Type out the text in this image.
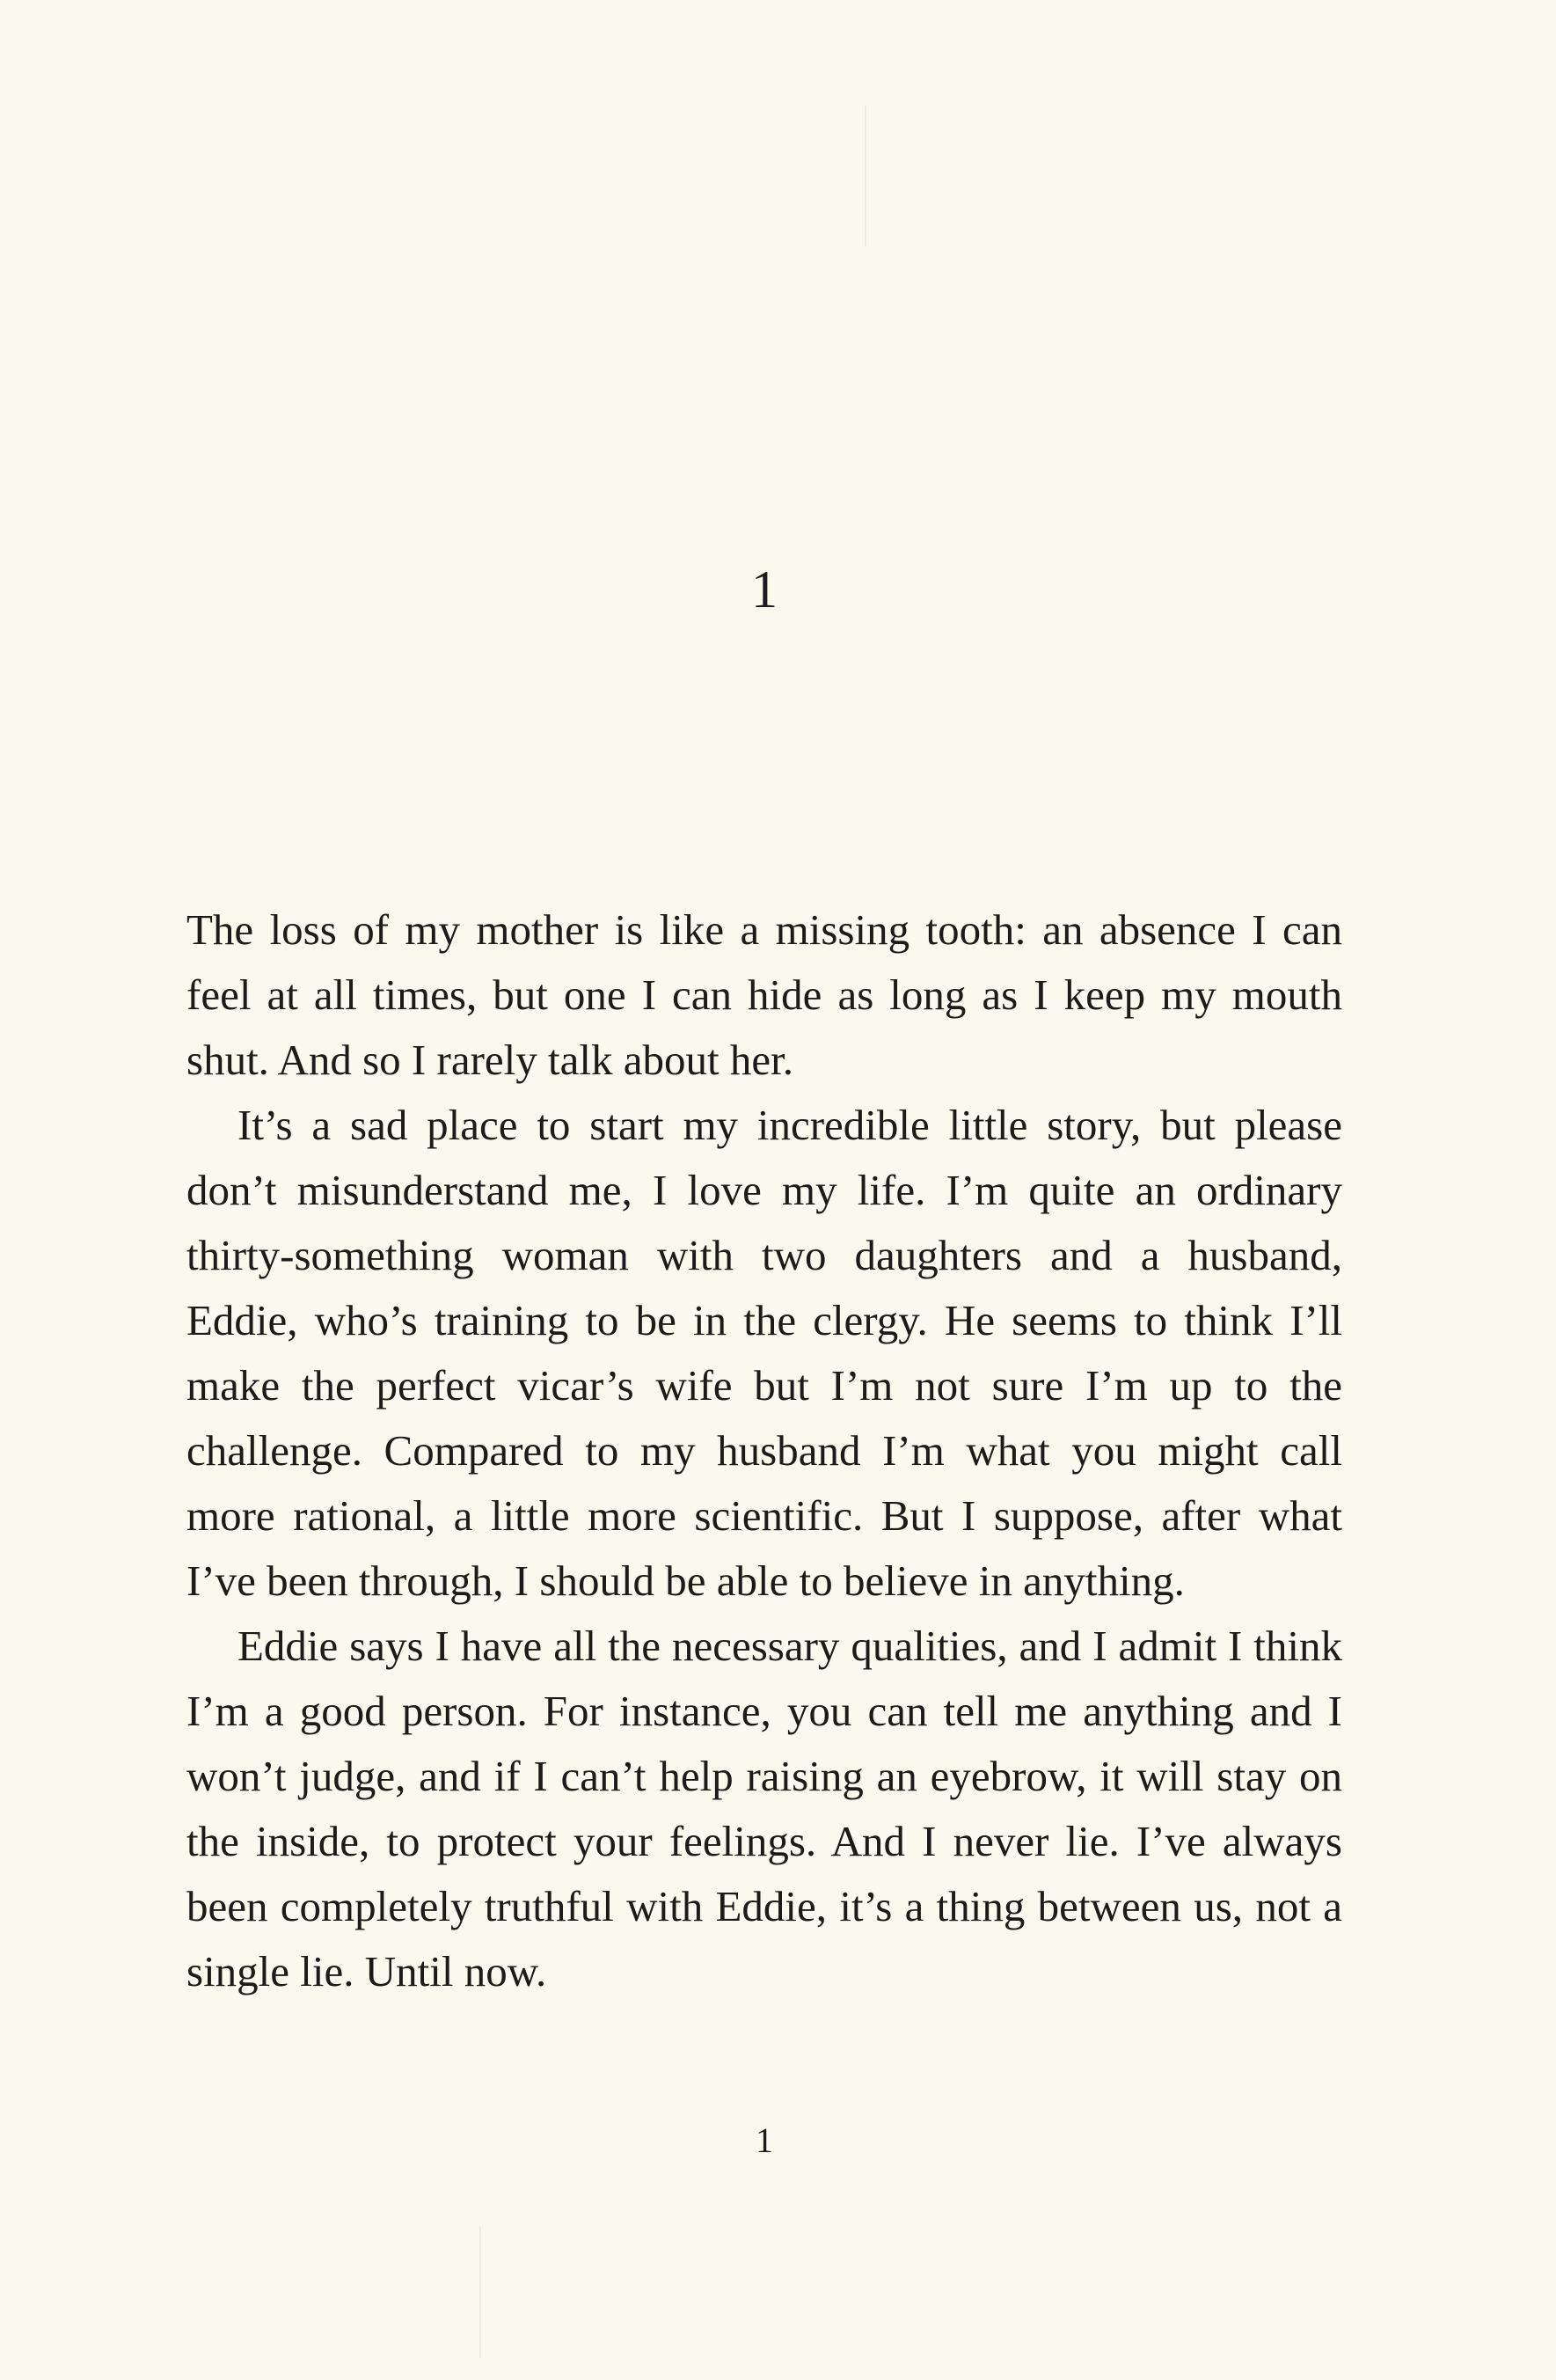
1

The loss of my mother is like a missing tooth: an absence I can feel at all times, but one I can hide as long as I keep my mouth shut. And so I rarely talk about her.

It’s a sad place to start my incredible little story, but please don’t misunderstand me, I love my life. I’m quite an ordinary thirty-something woman with two daughters and a husband, Eddie, who’s training to be in the clergy. He seems to think I’ll make the perfect vicar’s wife but I’m not sure I’m up to the challenge. Compared to my husband I’m what you might call more rational, a little more scientific. But I suppose, after what I’ve been through, I should be able to believe in anything.

Eddie says I have all the necessary qualities, and I admit I think I’m a good person. For instance, you can tell me anything and I won’t judge, and if I can’t help raising an eyebrow, it will stay on the inside, to protect your feelings. And I never lie. I’ve always been completely truthful with Eddie, it’s a thing between us, not a single lie. Until now.

1
